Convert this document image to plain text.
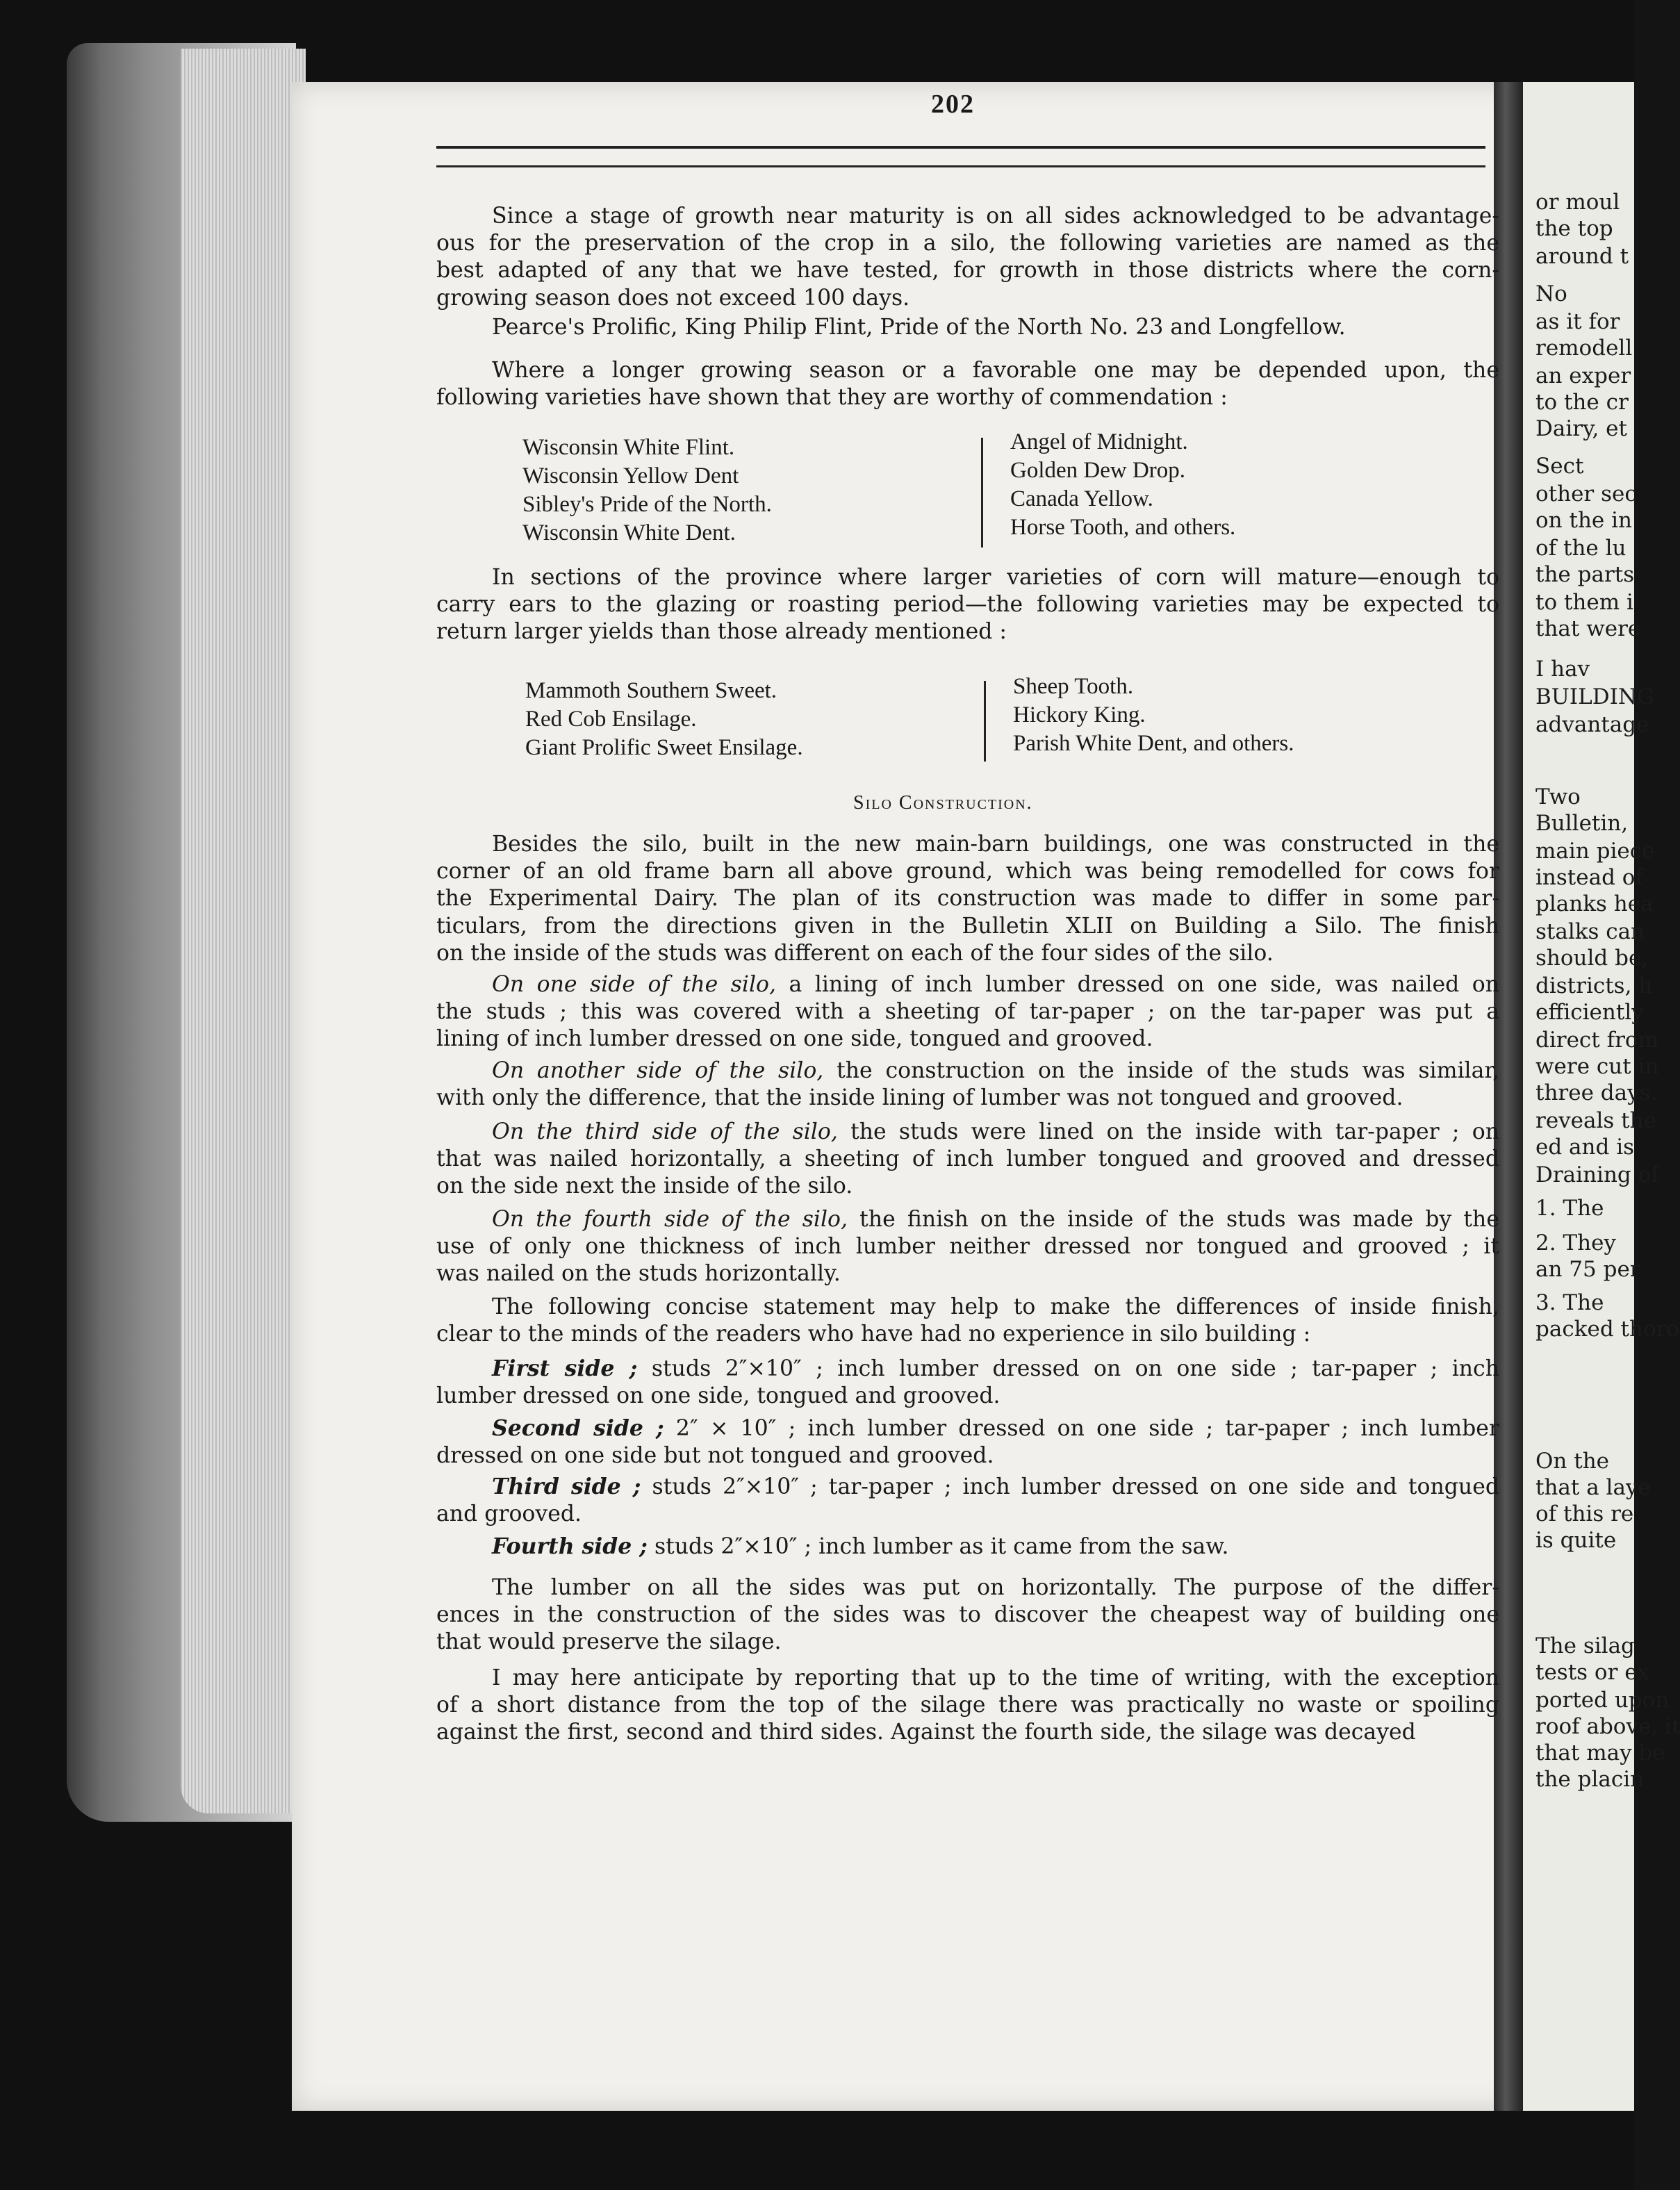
or moul
the top
around t
No
as it for
remodell
an exper
to the cr
Dairy, et
Sect
other sec
on the in
of the lu
the parts
to them i
that were
I hav
BUILDING
advantage
Two
Bulletin,
main piece
instead of
planks hea
stalks can
should be,
districts, h
efficiently
direct from
were cut in
three days.
reveals the
ed and is
Draining of
1. The
2. They
an 75 per
3. The
packed thoro
On the
that a laye
of this re
is quite
The silag
tests or ex
ported upon
roof above, it
that may be
the placin
202
Since a stage of growth near maturity is on all sides acknowledged to be advantage-
ous for the preservation of the crop in a silo, the following varieties are named as the
best adapted of any that we have tested, for growth in those districts where the corn-
growing season does not exceed 100 days.
Pearce's Prolific, King Philip Flint, Pride of the North No. 23 and Longfellow.
Where a longer growing season or a favorable one may be depended upon, the
following varieties have shown that they are worthy of commendation :
Wisconsin White Flint.
Wisconsin Yellow Dent
Sibley's Pride of the North.
Wisconsin White Dent.
Angel of Midnight.
Golden Dew Drop.
Canada Yellow.
Horse Tooth, and others.
In sections of the province where larger varieties of corn will mature—enough to
carry ears to the glazing or roasting period—the following varieties may be expected to
return larger yields than those already mentioned :
Mammoth Southern Sweet.
Red Cob Ensilage.
Giant Prolific Sweet Ensilage.
Sheep Tooth.
Hickory King.
Parish White Dent, and others.
Silo Construction.
Besides the silo, built in the new main-barn buildings, one was constructed in the
corner of an old frame barn all above ground, which was being remodelled for cows for
the Experimental Dairy. The plan of its construction was made to differ in some par-
ticulars, from the directions given in the Bulletin XLII on Building a Silo. The finish
on the inside of the studs was different on each of the four sides of the silo.
On one side of the silo, a lining of inch lumber dressed on one side, was nailed on
the studs ; this was covered with a sheeting of tar-paper ; on the tar-paper was put a
lining of inch lumber dressed on one side, tongued and grooved.
On another side of the silo, the construction on the inside of the studs was similar,
with only the difference, that the inside lining of lumber was not tongued and grooved.
On the third side of the silo, the studs were lined on the inside with tar-paper ; on
that was nailed horizontally, a sheeting of inch lumber tongued and grooved and dressed
on the side next the inside of the silo.
On the fourth side of the silo, the finish on the inside of the studs was made by the
use of only one thickness of inch lumber neither dressed nor tongued and grooved ; it
was nailed on the studs horizontally.
The following concise statement may help to make the differences of inside finish,
clear to the minds of the readers who have had no experience in silo building :
First side ; studs 2″×10″ ; inch lumber dressed on on one side ; tar-paper ; inch
lumber dressed on one side, tongued and grooved.
Second side ; 2″ × 10″ ; inch lumber dressed on one side ; tar-paper ; inch lumber
dressed on one side but not tongued and grooved.
Third side ; studs 2″×10″ ; tar-paper ; inch lumber dressed on one side and tongued
and grooved.
Fourth side ; studs 2″×10″ ; inch lumber as it came from the saw.
The lumber on all the sides was put on horizontally. The purpose of the differ-
ences in the construction of the sides was to discover the cheapest way of building one
that would preserve the silage.
I may here anticipate by reporting that up to the time of writing, with the exception
of a short distance from the top of the silage there was practically no waste or spoiling
against the first, second and third sides. Against the fourth side, the silage was decayed
